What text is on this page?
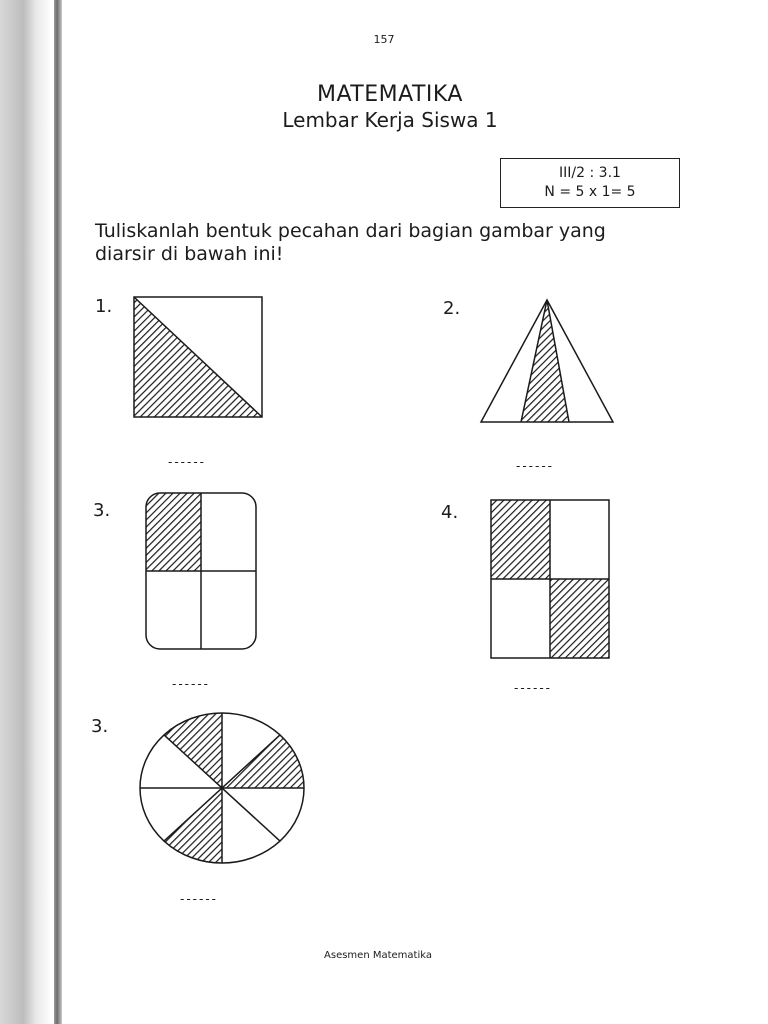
157
MATEMATIKA
Lembar Kerja Siswa 1
III/2 : 3.1
N = 5 x 1= 5
Tuliskanlah bentuk pecahan dari bagian gambar yang
diarsir di bawah ini!
1.
------
2.
------
3.
------
4.
------
3.
------
Asesmen Matematika
